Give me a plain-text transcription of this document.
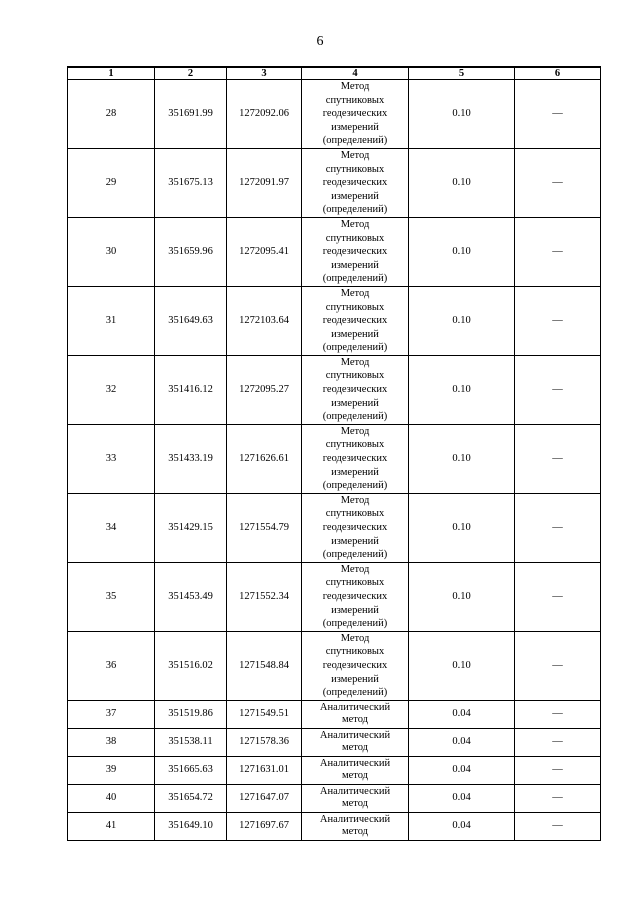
6
1	2	3	4	5	6
28	351691.99	1272092.06	Метод
спутниковых
геодезических
измерений
(определений)	0.10	—
29	351675.13	1272091.97	Метод
спутниковых
геодезических
измерений
(определений)	0.10	—
30	351659.96	1272095.41	Метод
спутниковых
геодезических
измерений
(определений)	0.10	—
31	351649.63	1272103.64	Метод
спутниковых
геодезических
измерений
(определений)	0.10	—
32	351416.12	1272095.27	Метод
спутниковых
геодезических
измерений
(определений)	0.10	—
33	351433.19	1271626.61	Метод
спутниковых
геодезических
измерений
(определений)	0.10	—
34	351429.15	1271554.79	Метод
спутниковых
геодезических
измерений
(определений)	0.10	—
35	351453.49	1271552.34	Метод
спутниковых
геодезических
измерений
(определений)	0.10	—
36	351516.02	1271548.84	Метод
спутниковых
геодезических
измерений
(определений)	0.10	—
37	351519.86	1271549.51	Аналитический
метод	0.04	—
38	351538.11	1271578.36	Аналитический
метод	0.04	—
39	351665.63	1271631.01	Аналитический
метод	0.04	—
40	351654.72	1271647.07	Аналитический
метод	0.04	—
41	351649.10	1271697.67	Аналитический
метод	0.04	—
